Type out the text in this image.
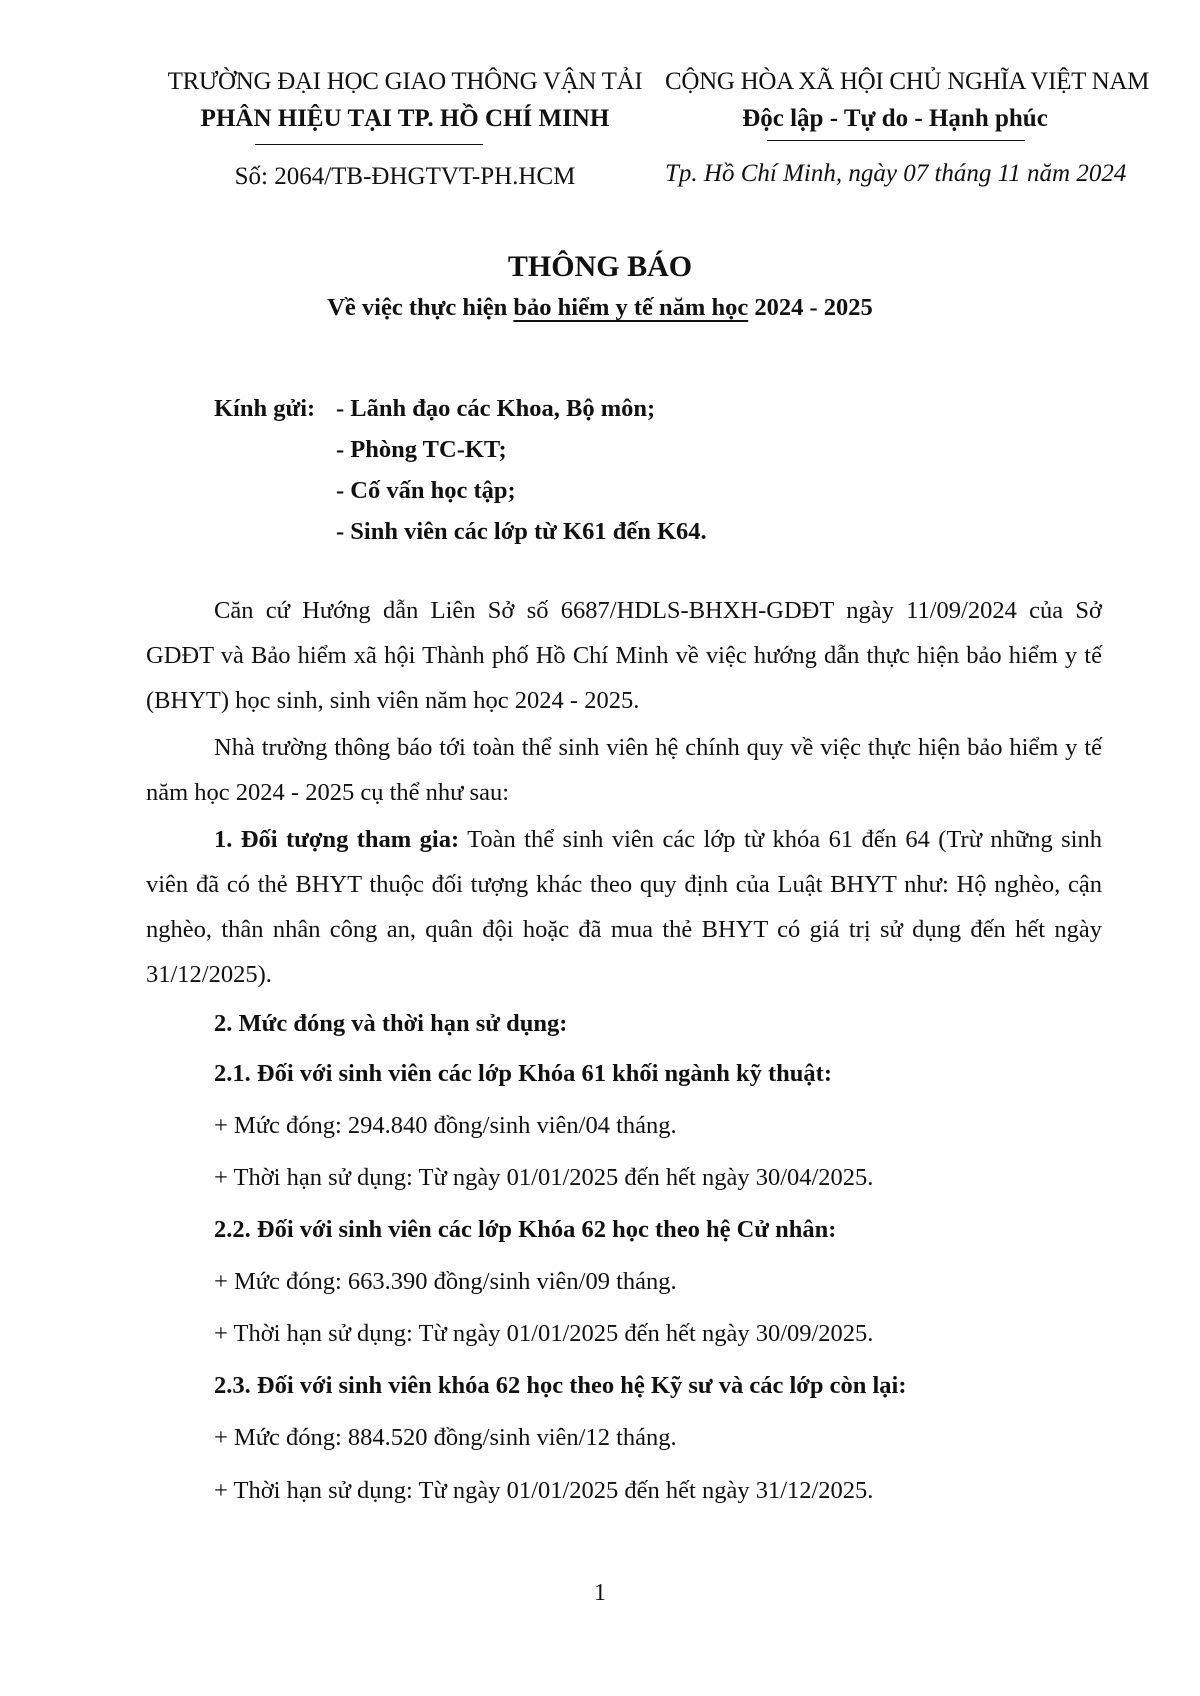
TRƯỜNG ĐẠI HỌC GIAO THÔNG VẬN TẢI
PHÂN HIỆU TẠI TP. HỒ CHÍ MINH
CỘNG HÒA XÃ HỘI CHỦ NGHĨA VIỆT NAM
Độc lập - Tự do - Hạnh phúc
Số: 2064/TB-ĐHGTVT-PH.HCM	Tp. Hồ Chí Minh, ngày 07 tháng 11 năm 2024
THÔNG BÁO
Về việc thực hiện bảo hiểm y tế năm học 2024 - 2025
Kính gửi: - Lãnh đạo các Khoa, Bộ môn;
- Phòng TC-KT;
- Cố vấn học tập;
- Sinh viên các lớp từ K61 đến K64.
Căn cứ Hướng dẫn Liên Sở số 6687/HDLS-BHXH-GDĐT ngày 11/09/2024 của Sở GDĐT và Bảo hiểm xã hội Thành phố Hồ Chí Minh về việc hướng dẫn thực hiện bảo hiểm y tế (BHYT) học sinh, sinh viên năm học 2024 - 2025.
Nhà trường thông báo tới toàn thể sinh viên hệ chính quy về việc thực hiện bảo hiểm y tế năm học 2024 - 2025 cụ thể như sau:
1. Đối tượng tham gia: Toàn thể sinh viên các lớp từ khóa 61 đến 64 (Trừ những sinh viên đã có thẻ BHYT thuộc đối tượng khác theo quy định của Luật BHYT như: Hộ nghèo, cận nghèo, thân nhân công an, quân đội hoặc đã mua thẻ BHYT có giá trị sử dụng đến hết ngày 31/12/2025).
2. Mức đóng và thời hạn sử dụng:
2.1. Đối với sinh viên các lớp Khóa 61 khối ngành kỹ thuật:
+ Mức đóng: 294.840 đồng/sinh viên/04 tháng.
+ Thời hạn sử dụng: Từ ngày 01/01/2025 đến hết ngày 30/04/2025.
2.2. Đối với sinh viên các lớp Khóa 62 học theo hệ Cử nhân:
+ Mức đóng: 663.390 đồng/sinh viên/09 tháng.
+ Thời hạn sử dụng: Từ ngày 01/01/2025 đến hết ngày 30/09/2025.
2.3. Đối với sinh viên khóa 62 học theo hệ Kỹ sư và các lớp còn lại:
+ Mức đóng: 884.520 đồng/sinh viên/12 tháng.
+ Thời hạn sử dụng: Từ ngày 01/01/2025 đến hết ngày 31/12/2025.
1
